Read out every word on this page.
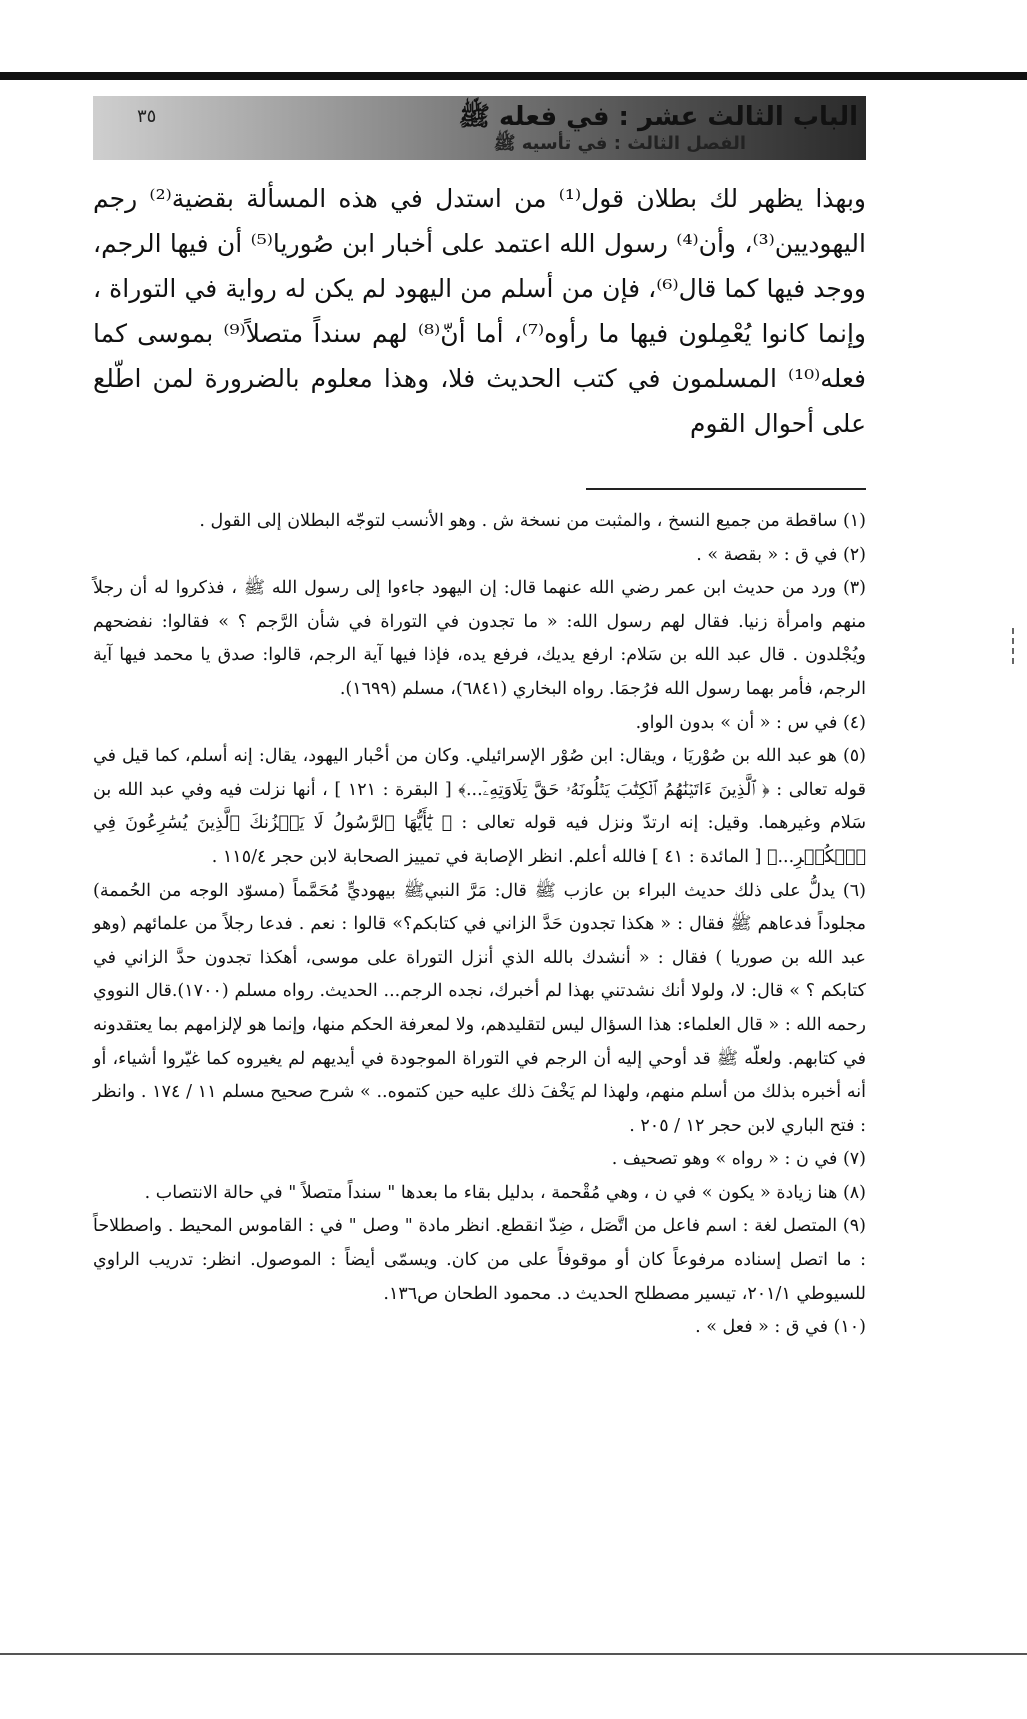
الباب الثالث عشر : في فعله ﷺ
الفصل الثالث : في تأسيه ﷺ
٣٥

وبهذا يظهر لك بطلان قول⁽¹⁾ من استدل في هذه المسألة بقضية⁽²⁾ رجم اليهوديين⁽³⁾، وأن⁽⁴⁾ رسول الله اعتمد على أخبار ابن صُوريا⁽⁵⁾ أن فيها الرجم، ووجد فيها كما قال⁽⁶⁾، فإن من أسلم من اليهود لم يكن له رواية في التوراة ، وإنما كانوا يُعْمِلون فيها ما رأوه⁽⁷⁾، أما أنّ⁽⁸⁾ لهم سنداً متصلاً⁽⁹⁾ بموسى كما فعله⁽¹⁰⁾ المسلمون في كتب الحديث فلا، وهذا معلوم بالضرورة لمن اطّلع على أحوال القوم

(١) ساقطة من جميع النسخ ، والمثبت من نسخة ش . وهو الأنسب لتوجّه البطلان إلى القول .

(٢) في ق : « بقصة » .

(٣) ورد من حديث ابن عمر رضي الله عنهما قال: إن اليهود جاءوا إلى رسول الله ﷺ ، فذكروا له أن رجلاً منهم وامرأة زنيا. فقال لهم رسول الله: « ما تجدون في التوراة في شأن الرَّجم ؟ » فقالوا: نفضحهم ويُجْلدون . قال عبد الله بن سَلام: ارفع يديك، فرفع يده، فإذا فيها آية الرجم، قالوا: صدق يا محمد فيها آية الرجم، فأمر بهما رسول الله فرُجمَا. رواه البخاري (٦٨٤١)، مسلم (١٦٩٩).

(٤) في س : « أن » بدون الواو.

(٥) هو عبد الله بن صُوْريَا ، ويقال: ابن صُوْر الإسرائيلي. وكان من أحْبار اليهود، يقال: إنه أسلم، كما قيل في قوله تعالى : ﴿ ٱلَّذِينَ ءَاتَيۡنَٰهُمُ ٱلۡكِتَٰبَ يَتۡلُونَهُۥ حَقَّ تِلَاوَتِهِۦٓ...﴾ [ البقرة : ١٢١ ] ، أنها نزلت فيه وفي عبد الله بن سَلام وغيرهما. وقيل: إنه ارتدّ ونزل فيه قوله تعالى : ﴿ يَٰٓأَيُّهَا ٱلرَّسُولُ لَا يَحۡزُنكَ ٱلَّذِينَ يُسَٰرِعُونَ فِي ٱلۡكُفۡرِ...﴾ [ المائدة : ٤١ ] فالله أعلم. انظر الإصابة في تمييز الصحابة لابن حجر ١١٥/٤ .

(٦) يدلُّ على ذلك حديث البراء بن عازب ﷺ قال: مَرَّ النبيﷺ بيهوديٍّ مُحَمَّماً (مسوّد الوجه من الحُممة) مجلوداً فدعاهم ﷺ فقال : « هكذا تجدون حَدَّ الزاني في كتابكم؟» قالوا : نعم . فدعا رجلاً من علمائهم (وهو عبد الله بن صوريا ) فقال : « أنشدك بالله الذي أنزل التوراة على موسى، أهكذا تجدون حدَّ الزاني في كتابكم ؟ » قال: لا، ولولا أنك نشدتني بهذا لم أخبرك، نجده الرجم... الحديث. رواه مسلم (١٧٠٠).قال النووي رحمه الله : « قال العلماء: هذا السؤال ليس لتقليدهم، ولا لمعرفة الحكم منها، وإنما هو لإلزامهم بما يعتقدونه في كتابهم. ولعلّه ﷺ قد أوحي إليه أن الرجم في التوراة الموجودة في أيديهم لم يغيروه كما غيّروا أشياء، أو أنه أخبره بذلك من أسلم منهم، ولهذا لم يَخْفَ ذلك عليه حين كتموه.. » شرح صحيح مسلم ١١ / ١٧٤ . وانظر : فتح الباري لابن حجر ١٢ / ٢٠٥ .

(٧) في ن : « رواه » وهو تصحيف .

(٨) هنا زيادة « يكون » في ن ، وهي مُقْحمة ، بدليل بقاء ما بعدها " سنداً متصلاً " في حالة الانتصاب .

(٩) المتصل لغة : اسم فاعل من اتَّصَل ، ضِدّ انقطع. انظر مادة " وصل " في : القاموس المحيط . واصطلاحاً : ما اتصل إسناده مرفوعاً كان أو موقوفاً على من كان. ويسمّى أيضاً : الموصول. انظر: تدريب الراوي للسيوطي ٢٠١/١، تيسير مصطلح الحديث د. محمود الطحان ص١٣٦.

(١٠) في ق : « فعل » .
